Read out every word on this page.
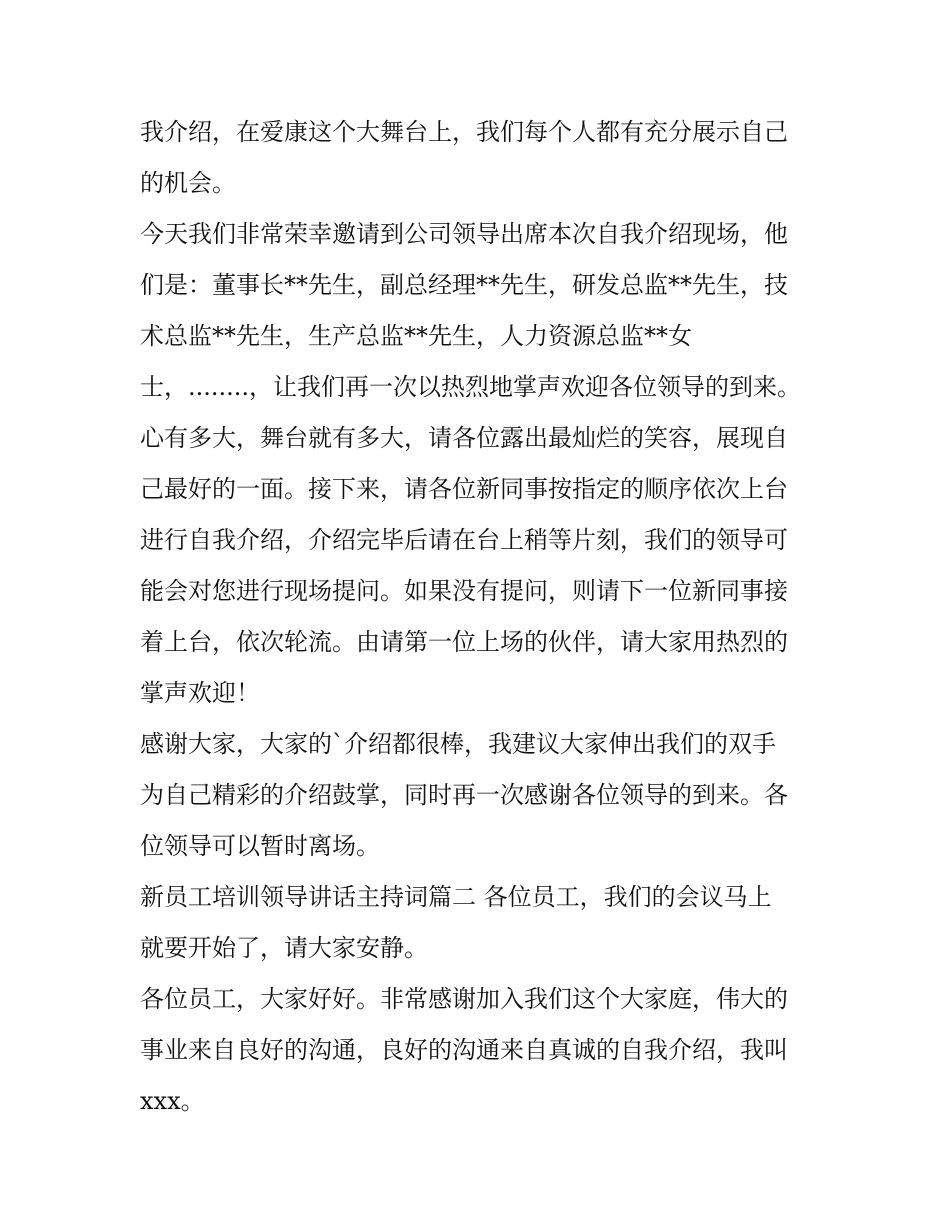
我介绍，在爱康这个大舞台上，我们每个人都有充分展示自己
的机会。
今天我们非常荣幸邀请到公司领导出席本次自我介绍现场，他
们是：董事长**先生，副总经理**先生，研发总监**先生，技
术总监**先生，生产总监**先生，人力资源总监**女
士，........，让我们再一次以热烈地掌声欢迎各位领导的到来。
心有多大，舞台就有多大，请各位露出最灿烂的笑容，展现自
己最好的一面。接下来，请各位新同事按指定的顺序依次上台
进行自我介绍，介绍完毕后请在台上稍等片刻，我们的领导可
能会对您进行现场提问。如果没有提问，则请下一位新同事接
着上台，依次轮流。由请第一位上场的伙伴，请大家用热烈的
掌声欢迎！
感谢大家，大家的`介绍都很棒，我建议大家伸出我们的双手
为自己精彩的介绍鼓掌，同时再一次感谢各位领导的到来。各
位领导可以暂时离场。
新员工培训领导讲话主持词篇二 各位员工，我们的会议马上
就要开始了，请大家安静。
各位员工，大家好好。非常感谢加入我们这个大家庭，伟大的
事业来自良好的沟通，良好的沟通来自真诚的自我介绍，我叫
xxx。
